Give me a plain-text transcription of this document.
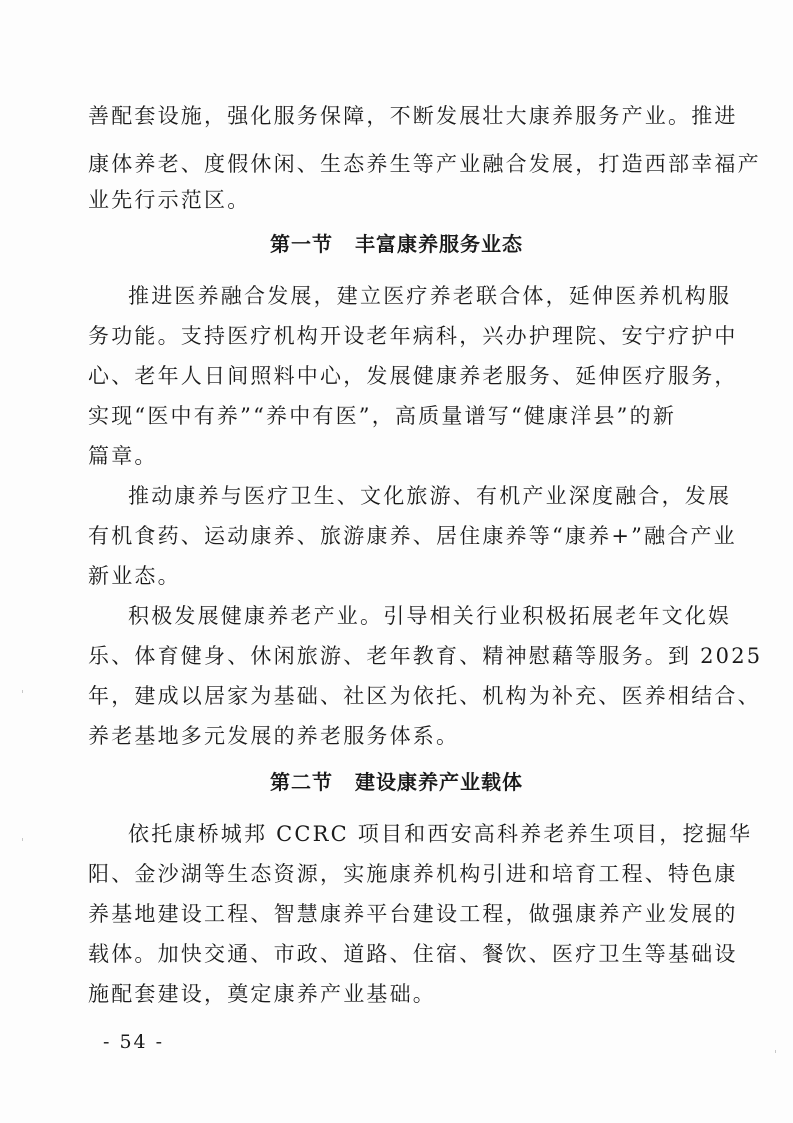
善配套设施，强化服务保障，不断发展壮大康养服务产业。推进
康体养老、度假休闲、生态养生等产业融合发展，打造西部幸福产
业先行示范区。
第一节 丰富康养服务业态
推进医养融合发展，建立医疗养老联合体，延伸医养机构服
务功能。支持医疗机构开设老年病科，兴办护理院、安宁疗护中
心、老年人日间照料中心，发展健康养老服务、延伸医疗服务，
实现“医中有养”“养中有医”，高质量谱写“健康洋县”的新
篇章。
推动康养与医疗卫生、文化旅游、有机产业深度融合，发展
有机食药、运动康养、旅游康养、居住康养等“康养+”融合产业
新业态。
积极发展健康养老产业。引导相关行业积极拓展老年文化娱
乐、体育健身、休闲旅游、老年教育、精神慰藉等服务。到 2025
年，建成以居家为基础、社区为依托、机构为补充、医养相结合、
养老基地多元发展的养老服务体系。
第二节 建设康养产业载体
依托康桥城邦 CCRC 项目和西安高科养老养生项目，挖掘华
阳、金沙湖等生态资源，实施康养机构引进和培育工程、特色康
养基地建设工程、智慧康养平台建设工程，做强康养产业发展的
载体。加快交通、市政、道路、住宿、餐饮、医疗卫生等基础设
施配套建设，奠定康养产业基础。
- 54 -
